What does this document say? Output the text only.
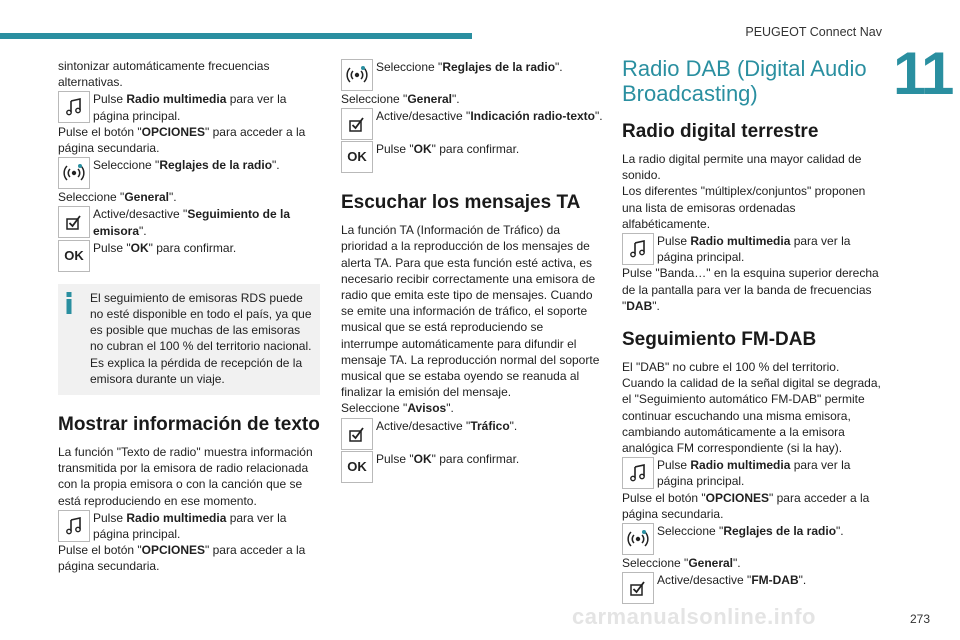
PEUGEOT Connect Nav
11

sintonizar automáticamente frecuencias alternativas.

Pulse Radio multimedia para ver la página principal.

Pulse el botón "OPCIONES" para acceder a la página secundaria.

Seleccione "Reglajes de la radio".

Seleccione "General".

Active/desactive "Seguimiento de la emisora".
OK Pulse "OK" para confirmar.

El seguimiento de emisoras RDS puede no esté disponible en todo el país, ya que es posible que muchas de las emisoras no cubran el 100 % del territorio nacional. Es explica la pérdida de recepción de la emisora durante un viaje.

Mostrar información de texto

La función "Texto de radio" muestra información transmitida por la emisora de radio relacionada con la propia emisora o con la canción que se está reproduciendo en ese momento.

Pulse Radio multimedia para ver la página principal.

Pulse el botón "OPCIONES" para acceder a la página secundaria.

Seleccione "Reglajes de la radio".

Seleccione "General".

Active/desactive "Indicación radio-texto".
OK Pulse "OK" para confirmar.
Escuchar los mensajes TA

La función TA (Información de Tráfico) da prioridad a la reproducción de los mensajes de alerta TA. Para que esta función esté activa, es necesario recibir correctamente una emisora de radio que emita este tipo de mensajes. Cuando se emite una información de tráfico, el soporte musical que se está reproduciendo se interrumpe automáticamente para difundir el mensaje TA. La reproducción normal del soporte musical que se estaba oyendo se reanuda al finalizar la emisión del mensaje.

Seleccione "Avisos".

Active/desactive "Tráfico".
OK Pulse "OK" para confirmar.
Radio DAB (Digital Audio Broadcasting)
Radio digital terrestre

La radio digital permite una mayor calidad de sonido.

Los diferentes "múltiplex/conjuntos" proponen una lista de emisoras ordenadas alfabéticamente.

Pulse Radio multimedia para ver la página principal.

Pulse "Banda…" en la esquina superior derecha de la pantalla para ver la banda de frecuencias "DAB".

Seguimiento FM-DAB

El "DAB" no cubre el 100 % del territorio.

Cuando la calidad de la señal digital se degrada, el "Seguimiento automático FM-DAB" permite continuar escuchando una misma emisora, cambiando automáticamente a la emisora analógica FM correspondiente (si la hay).

Pulse Radio multimedia para ver la página principal.

Pulse el botón "OPCIONES" para acceder a la página secundaria.

Seleccione "Reglajes de la radio".

Seleccione "General".

Active/desactive "FM-DAB".
carmanualsonline.info	273
